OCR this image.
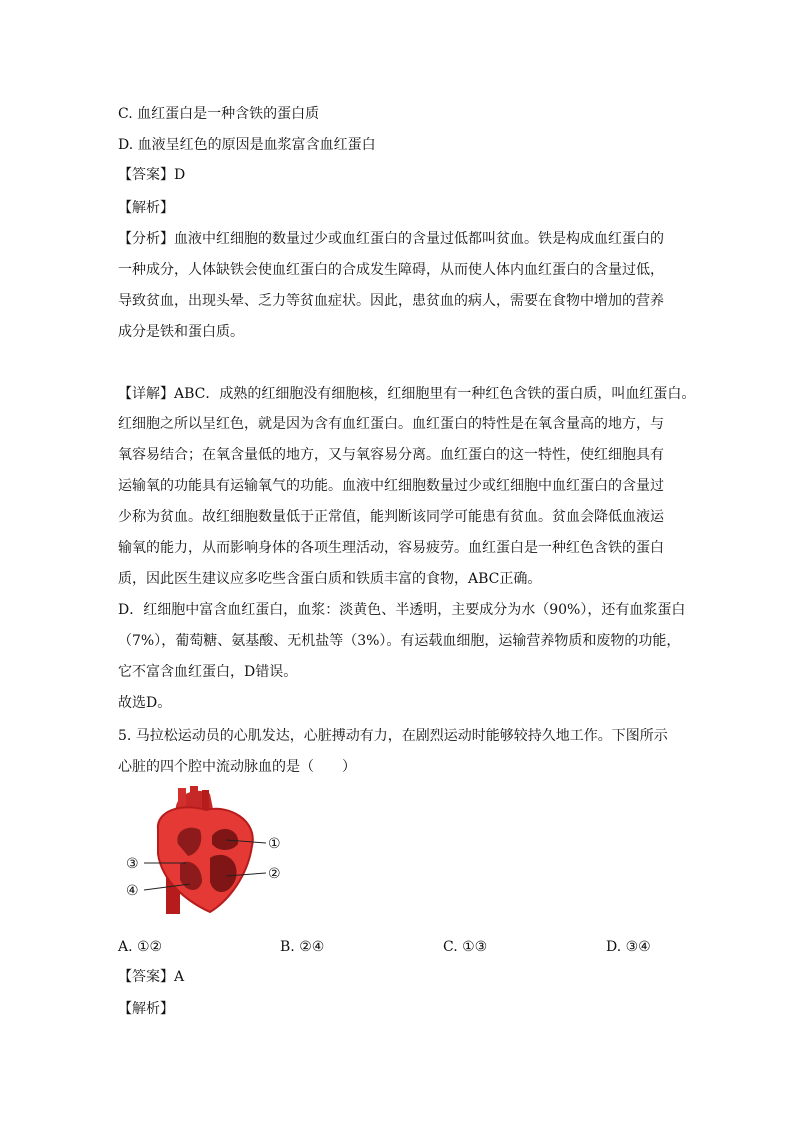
C. 血红蛋白是一种含铁的蛋白质
D. 血液呈红色的原因是血浆富含血红蛋白
【答案】D
【解析】
【分析】血液中红细胞的数量过少或血红蛋白的含量过低都叫贫血。铁是构成血红蛋白的
一种成分，人体缺铁会使血红蛋白的合成发生障碍，从而使人体内血红蛋白的含量过低，
导致贫血，出现头晕、乏力等贫血症状。因此，患贫血的病人，需要在食物中增加的营养
成分是铁和蛋白质。
【详解】ABC．成熟的红细胞没有细胞核，红细胞里有一种红色含铁的蛋白质，叫血红蛋白。
红细胞之所以呈红色，就是因为含有血红蛋白。血红蛋白的特性是在氧含量高的地方，与
氧容易结合；在氧含量低的地方，又与氧容易分离。血红蛋白的这一特性，使红细胞具有
运输氧的功能具有运输氧气的功能。血液中红细胞数量过少或红细胞中血红蛋白的含量过
少称为贫血。故红细胞数量低于正常值，能判断该同学可能患有贫血。贫血会降低血液运
输氧的能力，从而影响身体的各项生理活动，容易疲劳。血红蛋白是一种红色含铁的蛋白
质，因此医生建议应多吃些含蛋白质和铁质丰富的食物，ABC正确。
D．红细胞中富含血红蛋白，血浆：淡黄色、半透明，主要成分为水（90%），还有血浆蛋白
（7%），葡萄糖、氨基酸、无机盐等（3%）。有运载血细胞，运输营养物质和废物的功能，
它不富含血红蛋白，D错误。
故选D。
5. 马拉松运动员的心肌发达，心脏搏动有力，在剧烈运动时能够较持久地工作。下图所示
心脏的四个腔中流动脉血的是（　　）
①
②
③
④
A. ①②	B. ②④	C. ①③	D. ③④
【答案】A
【解析】
